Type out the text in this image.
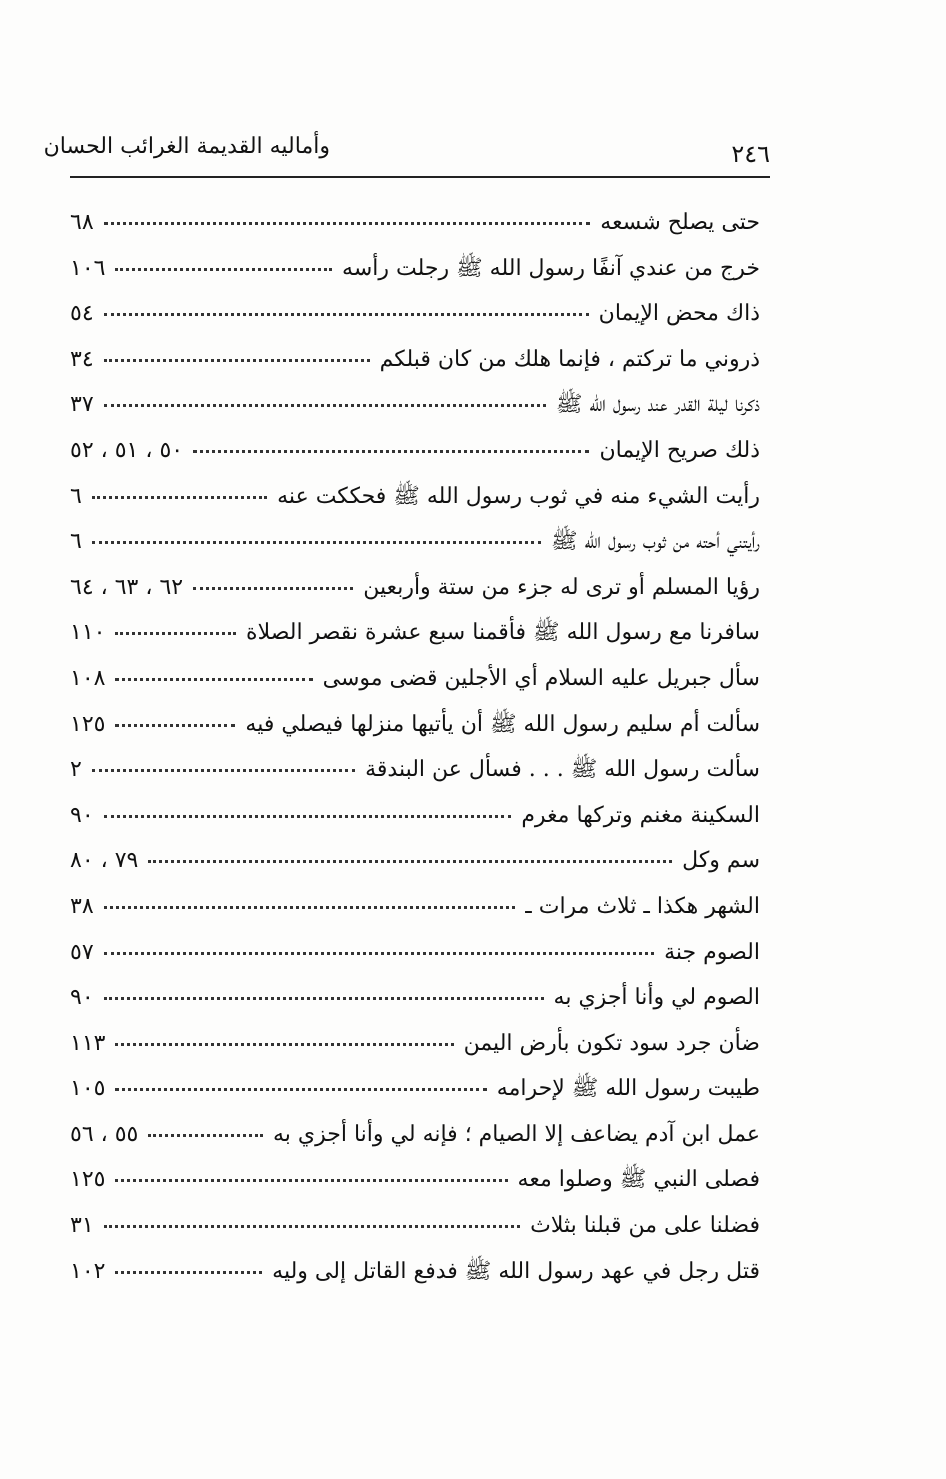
وأماليه القديمة الغرائب الحسان	٢٤٦
حتى يصلح شسعه
٦٨
خرج من عندي آنفًا رسول الله ﷺ رجلت رأسه
١٠٦
ذاك محض الإيمان
٥٤
ذروني ما تركتم ، فإنما هلك من كان قبلكم
٣٤
ذكرنا ليلة القدر عند رسول الله ﷺ
٣٧
ذلك صريح الإيمان
٥٠ ، ٥١ ، ٥٢
رأيت الشيء منه في ثوب رسول الله ﷺ فحككت عنه
٦
رأيتني أحته من ثوب رسول الله ﷺ
٦
رؤيا المسلم أو ترى له جزء من ستة وأربعين
٦٢ ، ٦٣ ، ٦٤
سافرنا مع رسول الله ﷺ فأقمنا سبع عشرة نقصر الصلاة
١١٠
سأل جبريل عليه السلام أي الأجلين قضى موسى
١٠٨
سألت أم سليم رسول الله ﷺ أن يأتيها منزلها فيصلي فيه
١٢٥
سألت رسول الله ﷺ . . . فسأل عن البندقة
٢
السكينة مغنم وتركها مغرم
٩٠
سم وكل
٧٩ ، ٨٠
الشهر هكذا ـ ثلاث مرات ـ
٣٨
الصوم جنة
٥٧
الصوم لي وأنا أجزي به
٩٠
ضأن جرد سود تكون بأرض اليمن
١١٣
طيبت رسول الله ﷺ لإحرامه
١٠٥
عمل ابن آدم يضاعف إلا الصيام ؛ فإنه لي وأنا أجزي به
٥٥ ، ٥٦
فصلى النبي ﷺ وصلوا معه
١٢٥
فضلنا على من قبلنا بثلاث
٣١
قتل رجل في عهد رسول الله ﷺ فدفع القاتل إلى وليه
١٠٢
